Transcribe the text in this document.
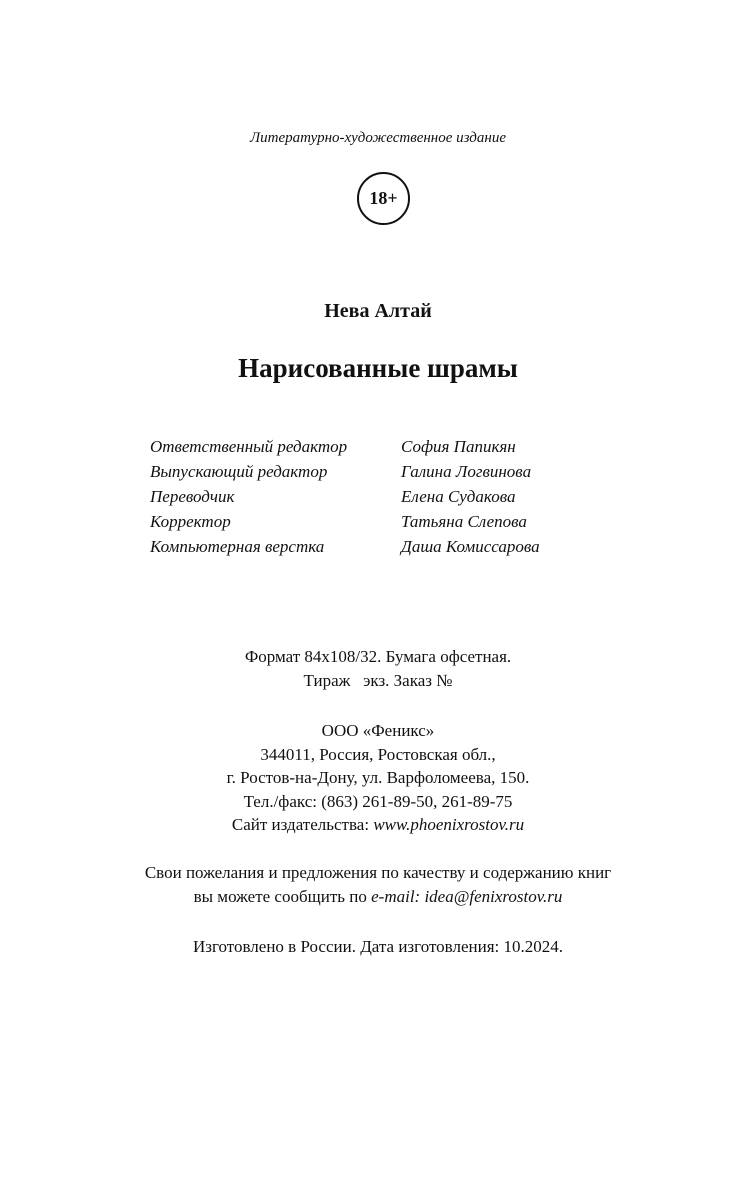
Литературно-художественное издание
18+
Нева Алтай
Нарисованные шрамы
Ответственный редактор	София Папикян
Выпускающий редактор	Галина Логвинова
Переводчик	Елена Судакова
Корректор	Татьяна Слепова
Компьютерная верстка	Даша Комиссарова
Формат 84x108/32. Бумага офсетная.
Тираж   экз. Заказ №
ООО «Феникс»
344011, Россия, Ростовская обл.,
г. Ростов-на-Дону, ул. Варфоломеева, 150.
Тел./факс: (863) 261-89-50, 261-89-75
Сайт издательства: www.phoenixrostov.ru
Свои пожелания и предложения по качеству и содержанию книг
вы можете сообщить по e-mail: idea@fenixrostov.ru
Изготовлено в России. Дата изготовления: 10.2024.
